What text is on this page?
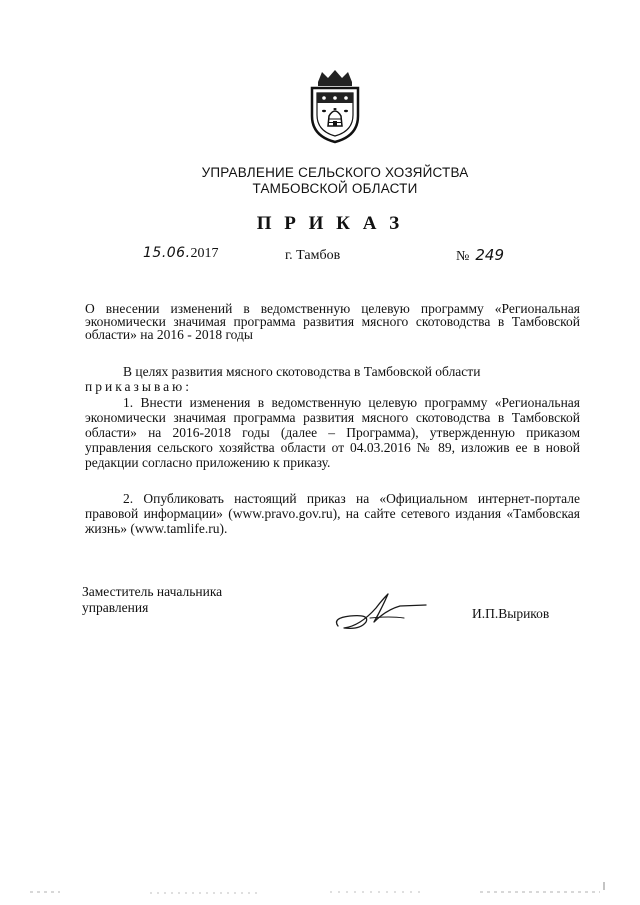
УПРАВЛЕНИЕ СЕЛЬСКОГО ХОЗЯЙСТВА
ТАМБОВСКОЙ ОБЛАСТИ
П Р И К А З
15.06.2017	г. Тамбов	№ 249
О внесении изменений в ведомственную целевую программу «Региональная экономически значимая программа развития мясного скотоводства в Тамбовской области» на 2016 - 2018 годы
В целях развития мясного скотоводства в Тамбовской области
приказываю:
1. Внести изменения в ведомственную целевую программу «Региональная экономически значимая программа развития мясного скотоводства в Тамбовской области» на 2016-2018 годы (далее – Программа), утвержденную приказом управления сельского хозяйства области от 04.03.2016 № 89, изложив ее в новой редакции согласно приложению к приказу.
2. Опубликовать настоящий приказ на «Официальном интернет-портале правовой информации» (www.pravo.gov.ru), на сайте сетевого издания «Тамбовская жизнь» (www.tamlife.ru).
Заместитель начальника
управления	И.П.Выриков
